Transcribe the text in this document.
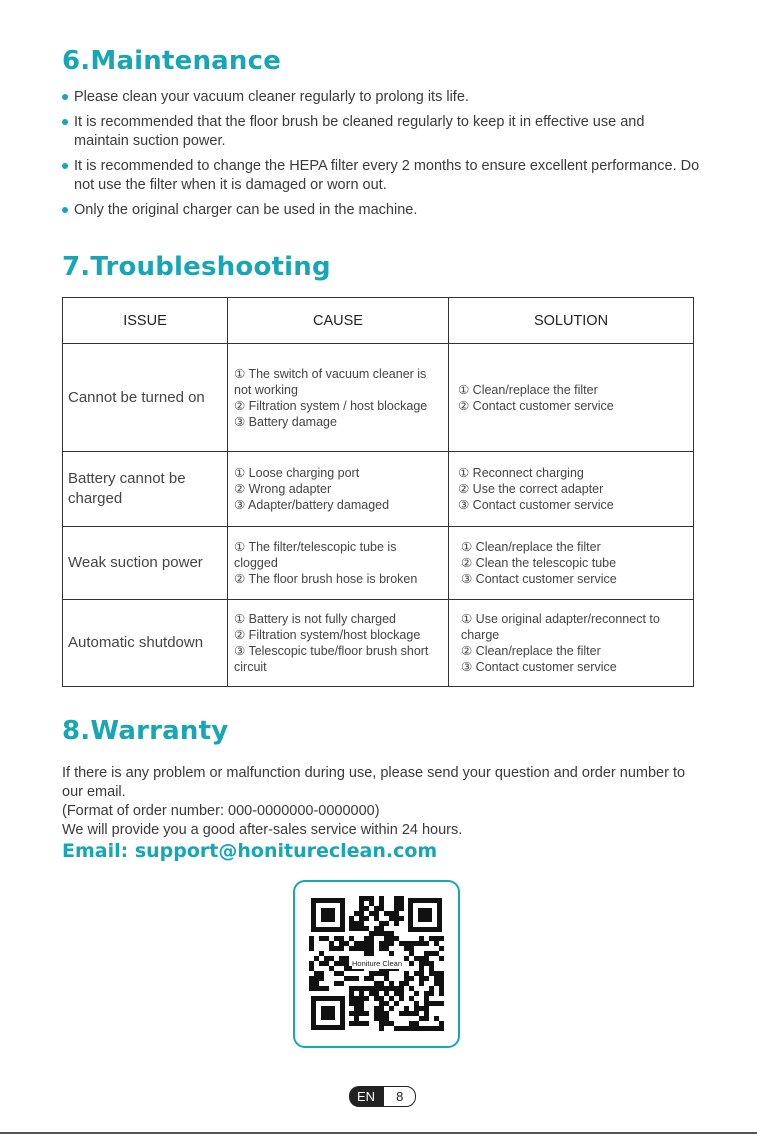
6.Maintenance
Please clean your vacuum cleaner regularly to prolong its life.
It is recommended that the floor brush be cleaned regularly to keep it in effective use and maintain suction power.
It is recommended to change the HEPA filter every 2 months to ensure excellent performance. Do not use the filter when it is damaged or worn out.
Only the original charger can be used in the machine.
7.Troubleshooting
ISSUE	CAUSE	SOLUTION
Cannot be turned on	① The switch of vacuum cleaner is not working
② Filtration system / host blockage
③ Battery damage	① Clean/replace the filter
② Contact customer service

Battery cannot be charged	① Loose charging port
② Wrong adapter
③ Adapter/battery damaged	① Reconnect charging
② Use the correct adapter
③ Contact customer service

Weak suction power	① The filter/telescopic tube is clogged
② The floor brush hose is broken	① Clean/replace the filter
② Clean the telescopic tube
③ Contact customer service

Automatic shutdown	① Battery is not fully charged
② Filtration system/host blockage
③ Telescopic tube/floor brush short circuit	① Use original adapter/reconnect to charge
② Clean/replace the filter
③ Contact customer service
8.Warranty
If there is any problem or malfunction during use, please send your question and order number to our email.
(Format of order number: 000-0000000-0000000)
We will provide you a good after-sales service within 24 hours.

Email: support@honitureclean.com

Honiture Clean
EN	8
